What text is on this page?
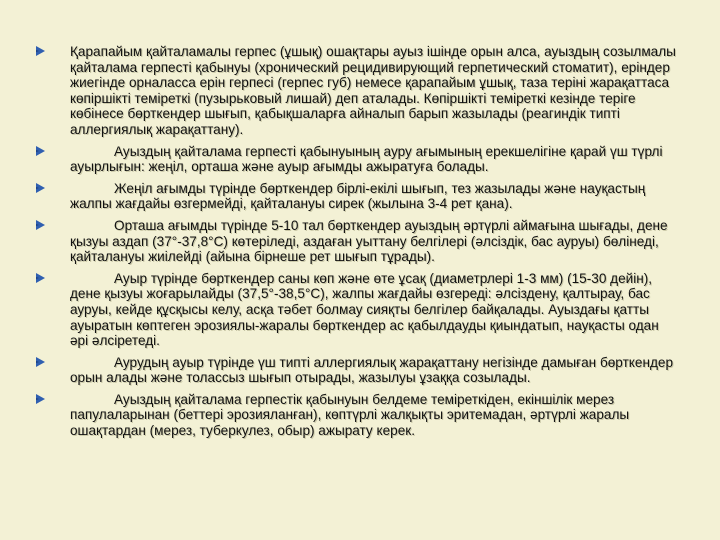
Қарапайым қайталамалы герпес (ұшық) ошақтары ауыз ішінде орын алса, ауыздың созылмалы қайталама герпесті қабынуы (хронический рецидивирующий герпетический стоматит), еріндер жиегінде орналасса ерін герпесі (герпес губ) немесе қарапайым ұшық, таза теріні жарақаттаса көпіршікті теміреткі (пузырьковый лишай) деп аталады. Көпіршікті теміреткі кезінде теріге көбінесе бөрткендер шығып, қабықшаларға айналып барып жазылады (реагиндік типті аллергиялық жарақаттану).
Ауыздың қайталама герпесті қабынуының ауру ағымының ерекшелігіне қарай үш түрлі ауырлығын: жеңіл, орташа және ауыр ағымды ажыратуға болады.
Жеңіл ағымды түрінде бөрткендер бірлі-екілі шығып, тез жазылады және науқастың жалпы жағдайы өзгермейді, қайталануы сирек (жылына 3-4 рет қана).
Орташа ағымды түрінде 5-10 тал бөрткендер ауыздың әртүрлі аймағына шығады, дене қызуы аздап (37°-37,8°С) көтеріледі, аздаған уыттану белгілері (әлсіздік, бас ауруы) бөлінеді, қайталануы жиілейді (айына бірнеше рет шығып тұрады).
Ауыр түрінде бөрткендер саны көп және өте ұсақ (диаметрлері 1-3 мм) (15-30 дейін), дене қызуы жоғарылайды (37,5°-38,5°С), жалпы жағдайы өзгереді: әлсіздену, қалтырау, бас ауруы, кейде құсқысы келу, асқа тәбет болмау сияқты белгілер байқалады. Ауыздағы қатты ауыратын көптеген эрозиялы-жаралы бөрткендер ас қабылдауды қиындатып, науқасты одан әрі әлсіретеді.
Аурудың ауыр түрінде үш типті аллергиялық жарақаттану негізінде дамыған бөрткендер орын алады және толассыз шығып отырады, жазылуы ұзаққа созылады.
Ауыздың қайталама герпестік қабынуын белдеме теміреткіден, екіншілік мерез папулаларынан (беттері эрозияланған), көптүрлі жалқықты эритемадан, әртүрлі жаралы ошақтардан (мерез, туберкулез, обыр) ажырату керек.
